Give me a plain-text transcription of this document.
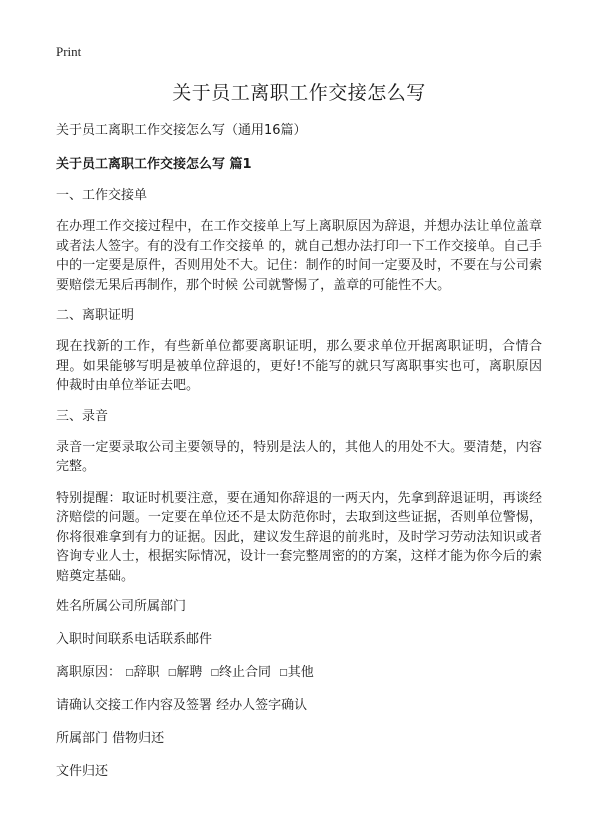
Print
关于员工离职工作交接怎么写
关于员工离职工作交接怎么写（通用16篇）
关于员工离职工作交接怎么写 篇1
一、工作交接单

在办理工作交接过程中，在工作交接单上写上离职原因为辞退，并想办法让单位盖章或者法人签字。有的没有工作交接单 的，就自己想办法打印一下工作交接单。自己手中的一定要是原件，否则用处不大。记住：制作的时间一定要及时，不要在与公司索要赔偿无果后再制作，那个时候 公司就警惕了，盖章的可能性不大。

二、离职证明

现在找新的工作，有些新单位都要离职证明，那么要求单位开据离职证明，合情合理。如果能够写明是被单位辞退的，更好!不能写的就只写离职事实也可，离职原因仲裁时由单位举证去吧。

三、录音

录音一定要录取公司主要领导的，特别是法人的，其他人的用处不大。要清楚，内容完整。

特别提醒：取证时机要注意，要在通知你辞退的一两天内，先拿到辞退证明，再谈经济赔偿的问题。一定要在单位还不是太防范你时，去取到这些证据，否则单位警惕，你将很难拿到有力的证据。因此，建议发生辞退的前兆时，及时学习劳动法知识或者咨询专业人士，根据实际情况，设计一套完整周密的的方案，这样才能为你今后的索赔奠定基础。

姓名所属公司所属部门
入职时间联系电话联系邮件
离职原因： □辞职 □解聘 □终止合同 □其他
请确认交接工作内容及签署 经办人签字确认
所属部门 借物归还
文件归还
